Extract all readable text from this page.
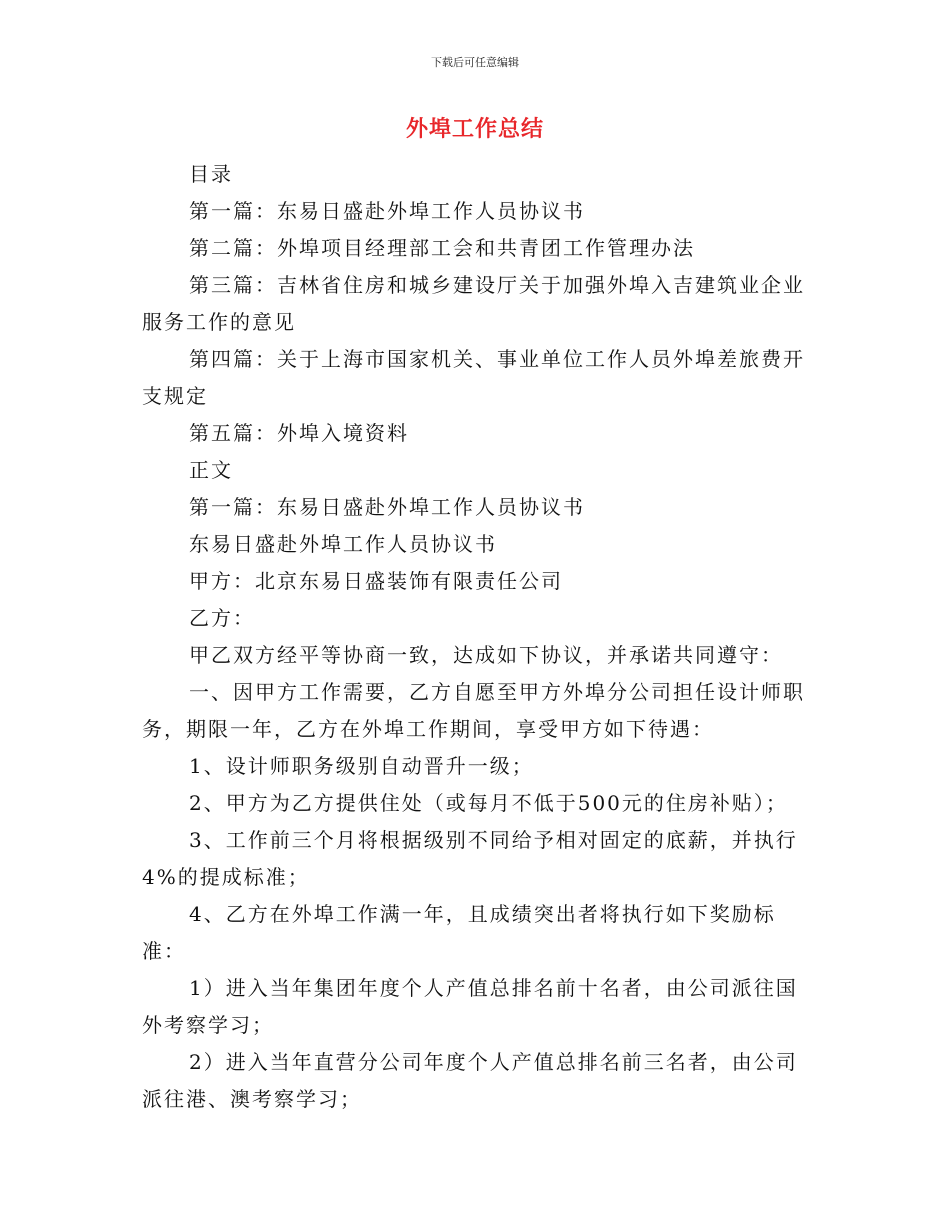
下载后可任意编辑
外埠工作总结

目录

第一篇：东易日盛赴外埠工作人员协议书

第二篇：外埠项目经理部工会和共青团工作管理办法

第三篇：吉林省住房和城乡建设厅关于加强外埠入吉建筑业企业服务工作的意见

第四篇：关于上海市国家机关、事业单位工作人员外埠差旅费开支规定

第五篇：外埠入境资料

正文

第一篇：东易日盛赴外埠工作人员协议书

东易日盛赴外埠工作人员协议书

甲方：北京东易日盛装饰有限责任公司

乙方：

甲乙双方经平等协商一致，达成如下协议，并承诺共同遵守：

一、因甲方工作需要，乙方自愿至甲方外埠分公司担任设计师职务，期限一年，乙方在外埠工作期间，享受甲方如下待遇：

1、设计师职务级别自动晋升一级；

2、甲方为乙方提供住处（或每月不低于500元的住房补贴）；

3、工作前三个月将根据级别不同给予相对固定的底薪，并执行4%的提成标准；

4、乙方在外埠工作满一年，且成绩突出者将执行如下奖励标准：

1）进入当年集团年度个人产值总排名前十名者，由公司派往国外考察学习；

2）进入当年直营分公司年度个人产值总排名前三名者，由公司派往港、澳考察学习；
